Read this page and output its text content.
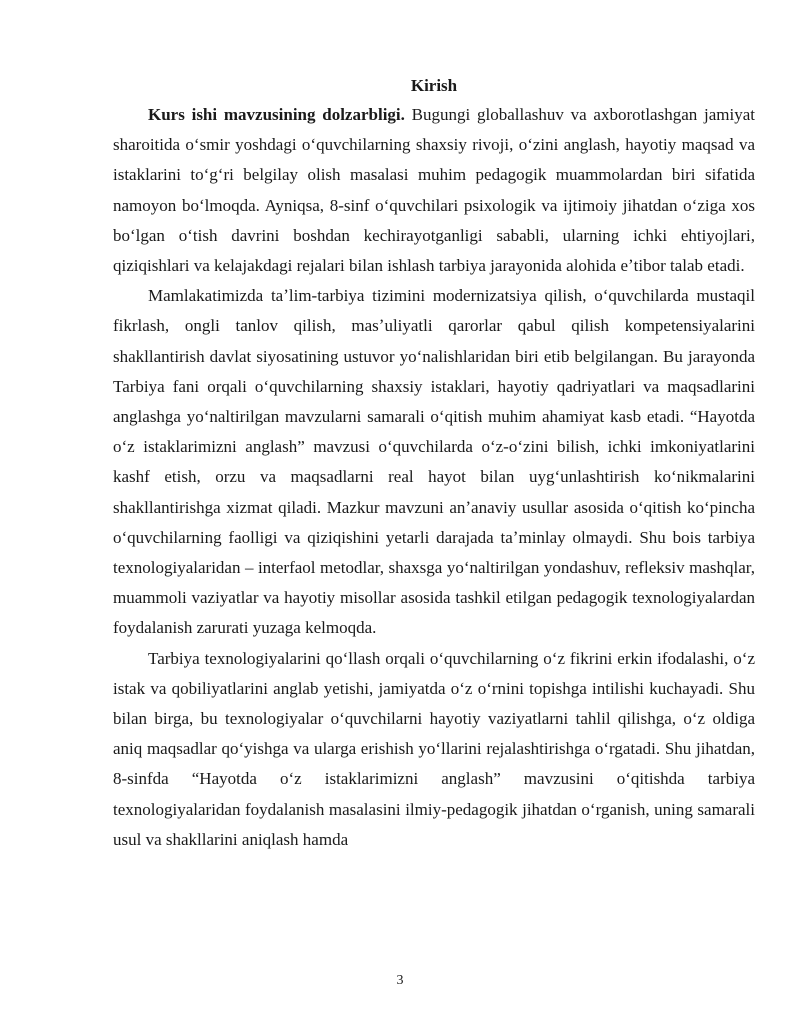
Kirish

Kurs ishi mavzusining dolzarbligi. Bugungi globallashuv va axborotlashgan jamiyat sharoitida oʻsmir yoshdagi oʻquvchilarning shaxsiy rivoji, oʻzini anglash, hayotiy maqsad va istaklarini toʻgʻri belgilay olish masalasi muhim pedagogik muammolardan biri sifatida namoyon boʻlmoqda. Ayniqsa, 8-sinf oʻquvchilari psixologik va ijtimoiy jihatdan oʻziga xos boʻlgan oʻtish davrini boshdan kechirayotganligi sababli, ularning ichki ehtiyojlari, qiziqishlari va kelajakdagi rejalari bilan ishlash tarbiya jarayonida alohida eʼtibor talab etadi.

Mamlakatimizda taʼlim-tarbiya tizimini modernizatsiya qilish, oʻquvchilarda mustaqil fikrlash, ongli tanlov qilish, masʼuliyatli qarorlar qabul qilish kompetensiyalarini shakllantirish davlat siyosatining ustuvor yoʻnalishlaridan biri etib belgilangan. Bu jarayonda Tarbiya fani orqali oʻquvchilarning shaxsiy istaklari, hayotiy qadriyatlari va maqsadlarini anglashga yoʻnaltirilgan mavzularni samarali oʻqitish muhim ahamiyat kasb etadi. “Hayotda oʻz istaklarimizni anglash” mavzusi oʻquvchilarda oʻz-oʻzini bilish, ichki imkoniyatlarini kashf etish, orzu va maqsadlarni real hayot bilan uygʻunlashtirish koʻnikmalarini shakllantirishga xizmat qiladi. Mazkur mavzuni anʼanaviy usullar asosida oʻqitish koʻpincha oʻquvchilarning faolligi va qiziqishini yetarli darajada taʼminlay olmaydi. Shu bois tarbiya texnologiyalaridan – interfaol metodlar, shaxsga yoʻnaltirilgan yondashuv, refleksiv mashqlar, muammoli vaziyatlar va hayotiy misollar asosida tashkil etilgan pedagogik texnologiyalardan foydalanish zarurati yuzaga kelmoqda.

Tarbiya texnologiyalarini qoʻllash orqali oʻquvchilarning oʻz fikrini erkin ifodalashi, oʻz istak va qobiliyatlarini anglab yetishi, jamiyatda oʻz oʻrnini topishga intilishi kuchayadi. Shu bilan birga, bu texnologiyalar oʻquvchilarni hayotiy vaziyatlarni tahlil qilishga, oʻz oldiga aniq maqsadlar qoʻyishga va ularga erishish yoʻllarini rejalashtirishga oʻrgatadi. Shu jihatdan, 8-sinfda “Hayotda oʻz istaklarimizni anglash” mavzusini oʻqitishda tarbiya texnologiyalaridan foydalanish masalasini ilmiy-pedagogik jihatdan oʻrganish, uning samarali usul va shakllarini aniqlash hamda

3
